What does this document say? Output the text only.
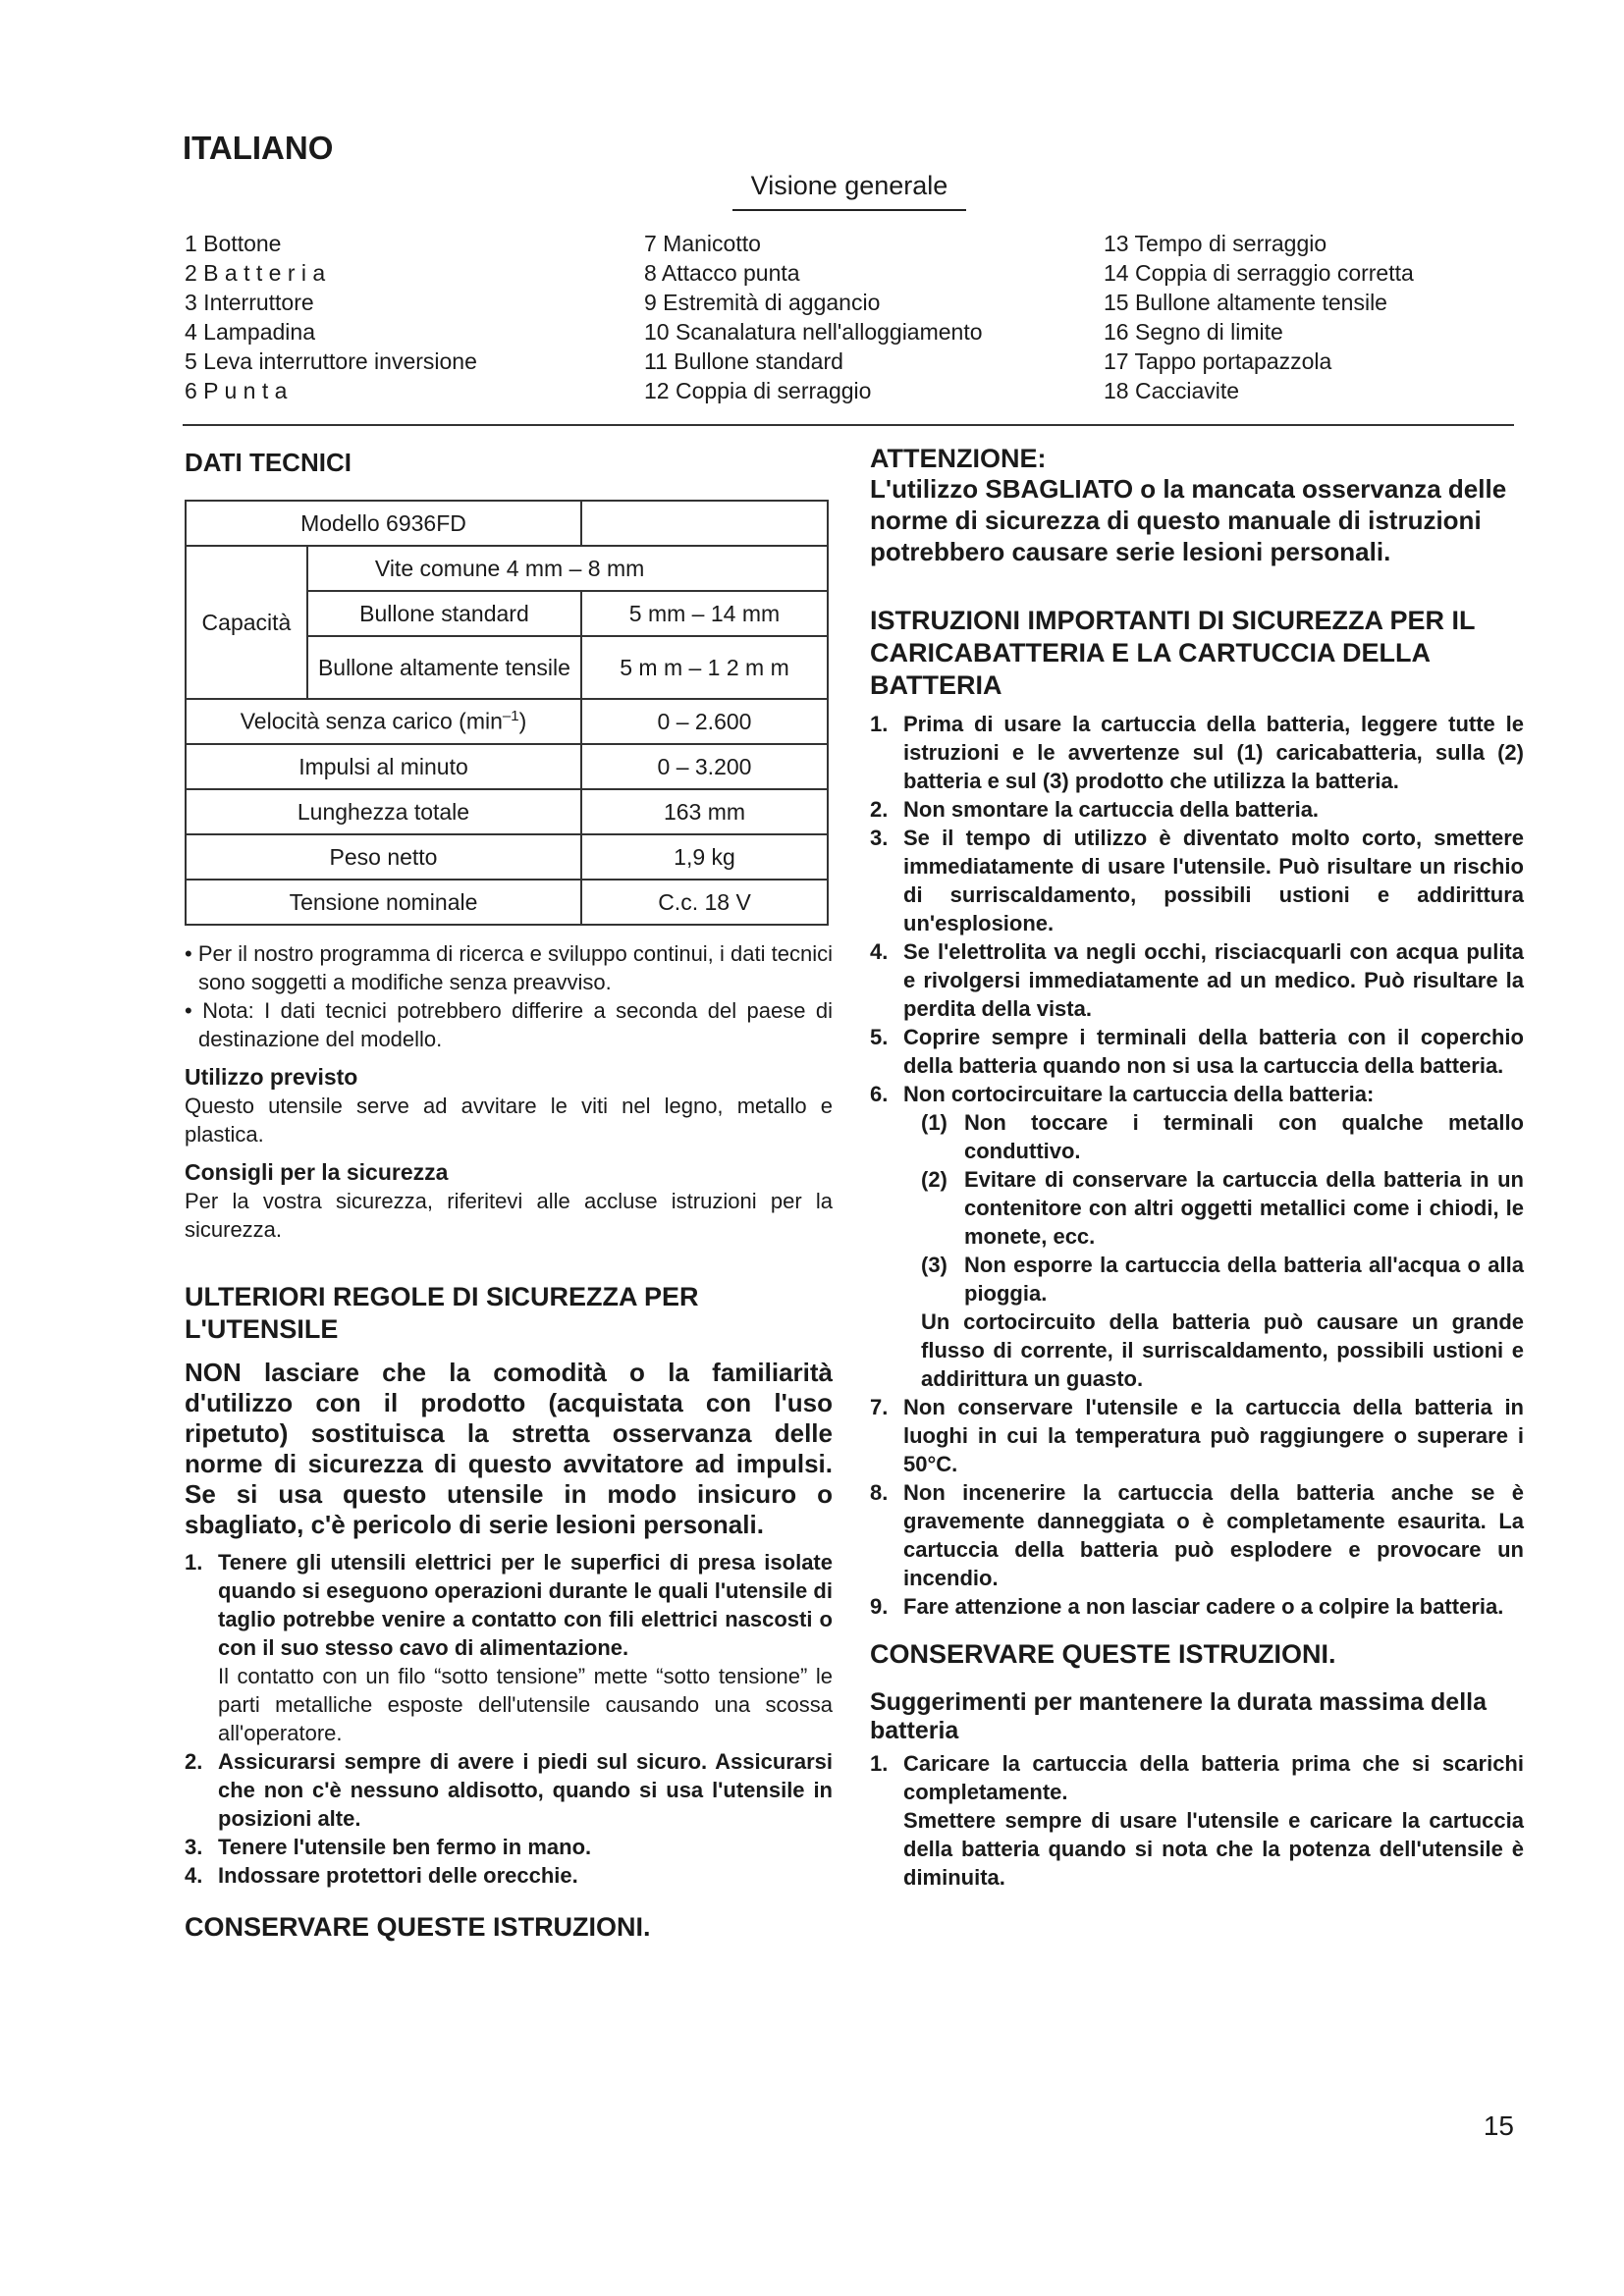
ITALIANO
Visione generale
1 Bottone
2 B a t t e r i a
3 Interruttore
4 Lampadina
5 Leva interruttore inversione
6 P u n t a
7 Manicotto
8 Attacco punta
9 Estremità di aggancio
10 Scanalatura nell'alloggiamento
11 Bullone standard
12 Coppia di serraggio
13 Tempo di serraggio
14 Coppia di serraggio corretta
15 Bullone altamente tensile
16 Segno di limite
17 Tappo portapazzola
18 Cacciavite
DATI TECNICI
Modello 6936FD		
Capacità	Vite comune 4 mm – 8 mm	
	Bullone standard	5 mm – 14 mm
	Bullone altamente tensile	5 m m – 1 2 m m
Velocità senza carico $(\min^{-1})$		0 – 2.600
Impulsi al minuto		0 – 3.200
Lunghezza totale		163 mm
Peso netto		1,9 kg
Tensione nominale		C.c. 18 V
• Per il nostro programma di ricerca e sviluppo continui, i dati tecnici sono soggetti a modifiche senza preavviso.
• Nota: I dati tecnici potrebbero differire a seconda del paese di destinazione del modello.
Utilizzo previsto
Questo utensile serve ad avvitare le viti nel legno, metallo e plastica.
Consigli per la sicurezza
Per la vostra sicurezza, riferitevi alle accluse istruzioni per la sicurezza.
ULTERIORI REGOLE DI SICUREZZA PER L'UTENSILE
NON lasciare che la comodità o la familiarità d'utilizzo con il prodotto (acquistata con l'uso ripetuto) sostituisca la stretta osservanza delle norme di sicurezza di questo avvitatore ad impulsi. Se si usa questo utensile in modo insicuro o sbagliato, c'è pericolo di serie lesioni personali.
1. Tenere gli utensili elettrici per le superfici di presa isolate quando si eseguono operazioni durante le quali l'utensile di taglio potrebbe venire a contatto con fili elettrici nascosti o con il suo stesso cavo di alimentazione.
Il contatto con un filo “sotto tensione” mette “sotto tensione” le parti metalliche esposte dell'utensile causando una scossa all'operatore.
2. Assicurarsi sempre di avere i piedi sul sicuro. Assicurarsi che non c'è nessuno aldisotto, quando si usa l'utensile in posizioni alte.
3. Tenere l'utensile ben fermo in mano.
4. Indossare protettori delle orecchie.
CONSERVARE QUESTE ISTRUZIONI.
ATTENZIONE:
L'utilizzo SBAGLIATO o la mancata osservanza delle norme di sicurezza di questo manuale di istruzioni potrebbero causare serie lesioni personali.
ISTRUZIONI IMPORTANTI DI SICUREZZA PER IL CARICABATTERIA E LA CARTUCCIA DELLA BATTERIA
1. Prima di usare la cartuccia della batteria, leggere tutte le istruzioni e le avvertenze sul (1) caricabatteria, sulla (2) batteria e sul (3) prodotto che utilizza la batteria.
2. Non smontare la cartuccia della batteria.
3. Se il tempo di utilizzo è diventato molto corto, smettere immediatamente di usare l'utensile. Può risultare un rischio di surriscaldamento, possibili ustioni e addirittura un'esplosione.
4. Se l'elettrolita va negli occhi, risciacquarli con acqua pulita e rivolgersi immediatamente ad un medico. Può risultare la perdita della vista.
5. Coprire sempre i terminali della batteria con il coperchio della batteria quando non si usa la cartuccia della batteria.
6. Non cortocircuitare la cartuccia della batteria:
(1) Non toccare i terminali con qualche metallo conduttivo.
(2) Evitare di conservare la cartuccia della batteria in un contenitore con altri oggetti metallici come i chiodi, le monete, ecc.
(3) Non esporre la cartuccia della batteria all'acqua o alla pioggia.
Un cortocircuito della batteria può causare un grande flusso di corrente, il surriscaldamento, possibili ustioni e addirittura un guasto.
7. Non conservare l'utensile e la cartuccia della batteria in luoghi in cui la temperatura può raggiungere o superare i 50°C.
8. Non incenerire la cartuccia della batteria anche se è gravemente danneggiata o è completamente esaurita. La cartuccia della batteria può esplodere e provocare un incendio.
9. Fare attenzione a non lasciar cadere o a colpire la batteria.
CONSERVARE QUESTE ISTRUZIONI.
Suggerimenti per mantenere la durata massima della batteria
1. Caricare la cartuccia della batteria prima che si scarichi completamente.
Smettere sempre di usare l'utensile e caricare la cartuccia della batteria quando si nota che la potenza dell'utensile è diminuita.
15
